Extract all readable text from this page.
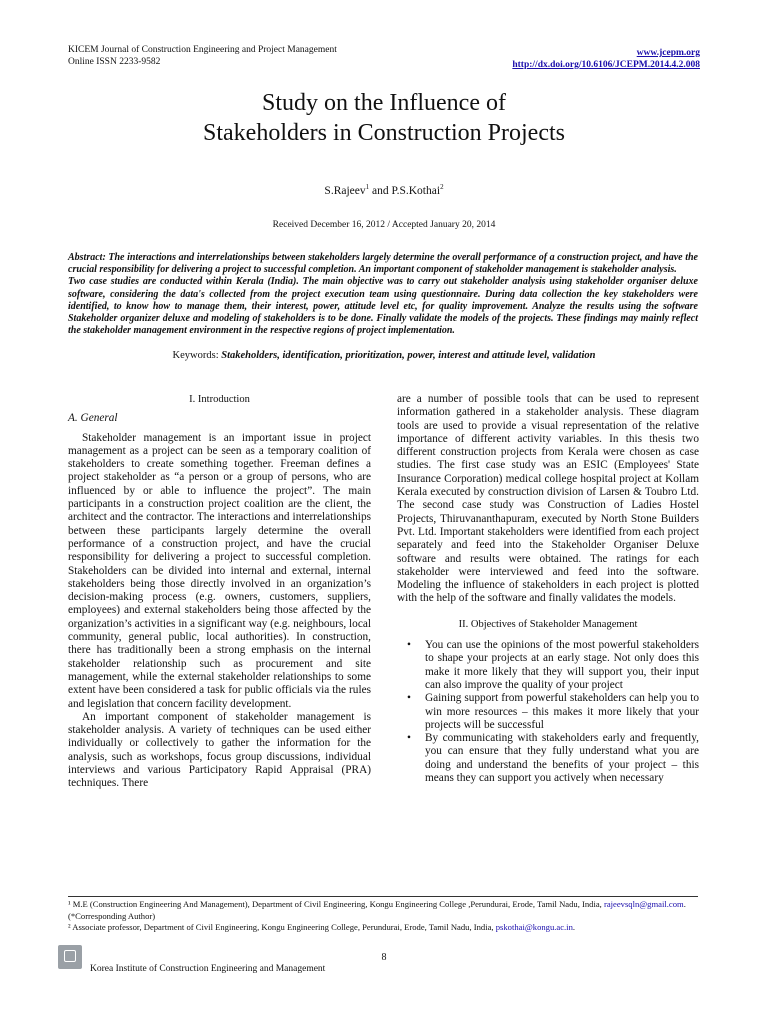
KICEM Journal of Construction Engineering and Project Management
Online ISSN 2233-9582
www.jcepm.org
http://dx.doi.org/10.6106/JCEPM.2014.4.2.008
Study on the Influence of
Stakeholders in Construction Projects
S.Rajeev$^1$ and P.S.Kothai$^2$
Received December 16, 2012 / Accepted January 20, 2014

Abstract: The interactions and interrelationships between stakeholders largely determine the overall performance of a construction project, and have the crucial responsibility for delivering a project to successful completion. An important component of stakeholder management is stakeholder analysis.

Two case studies are conducted within Kerala (India). The main objective was to carry out stakeholder analysis using stakeholder organiser deluxe software, considering the data's collected from the project execution team using questionnaire. During data collection the key stakeholders were identified, to know how to manage them, their interest, power, attitude level etc, for quality improvement. Analyze the results using the software Stakeholder organizer deluxe and modeling of stakeholders is to be done. Finally validate the models of the projects. These findings may mainly reflect the stakeholder management environment in the respective regions of project implementation.

Keywords: Stakeholders, identification, prioritization, power, interest and attitude level, validation
I. Introduction
A. General

Stakeholder management is an important issue in project management as a project can be seen as a temporary coalition of stakeholders to create something together. Freeman defines a project stakeholder as “a person or a group of persons, who are influenced by or able to influence the project”. The main participants in a construction project coalition are the client, the architect and the contractor. The interactions and interrelationships between these participants largely determine the overall performance of a construction project, and have the crucial responsibility for delivering a project to successful completion. Stakeholders can be divided into internal and external, internal stakeholders being those directly involved in an organization’s decision-making process (e.g. owners, customers, suppliers, employees) and external stakeholders being those affected by the organization’s activities in a significant way (e.g. neighbours, local community, general public, local authorities). In construction, there has traditionally been a strong emphasis on the internal stakeholder relationship such as procurement and site management, while the external stakeholder relationships to some extent have been considered a task for public officials via the rules and legislation that concern facility development.

An important component of stakeholder management is stakeholder analysis. A variety of techniques can be used either individually or collectively to gather the information for the analysis, such as workshops, focus group discussions, individual interviews and various Participatory Rapid Appraisal (PRA) techniques. There

are a number of possible tools that can be used to represent information gathered in a stakeholder analysis. These diagram tools are used to provide a visual representation of the relative importance of different activity variables. In this thesis two different construction projects from Kerala were chosen as case studies. The first case study was an ESIC (Employees' State Insurance Corporation) medical college hospital project at Kollam Kerala executed by construction division of Larsen & Toubro Ltd. The second case study was Construction of Ladies Hostel Projects, Thiruvananthapuram, executed by North Stone Builders Pvt. Ltd. Important stakeholders were identified from each project separately and feed into the Stakeholder Organiser Deluxe software and results were obtained. The ratings for each stakeholder were interviewed and feed into the software. Modeling the influence of stakeholders in each project is plotted with the help of the software and finally validates the models.

II. Objectives of Stakeholder Management
• You can use the opinions of the most powerful stakeholders to shape your projects at an early stage. Not only does this make it more likely that they will support you, their input can also improve the quality of your project
• Gaining support from powerful stakeholders can help you to win more resources – this makes it more likely that your projects will be successful
• By communicating with stakeholders early and frequently, you can ensure that they fully understand what you are doing and understand the benefits of your project – this means they can support you actively when necessary

¹ M.E (Construction Engineering And Management), Department of Civil Engineering, Kongu Engineering College ,Perundurai, Erode, Tamil Nadu, India, rajeevsqln@gmail.com.(*Corresponding Author)

² Associate professor, Department of Civil Engineering, Kongu Engineering College, Perundurai, Erode, Tamil Nadu, India, pskothai@kongu.ac.in.

8
Korea Institute of Construction Engineering and Management
